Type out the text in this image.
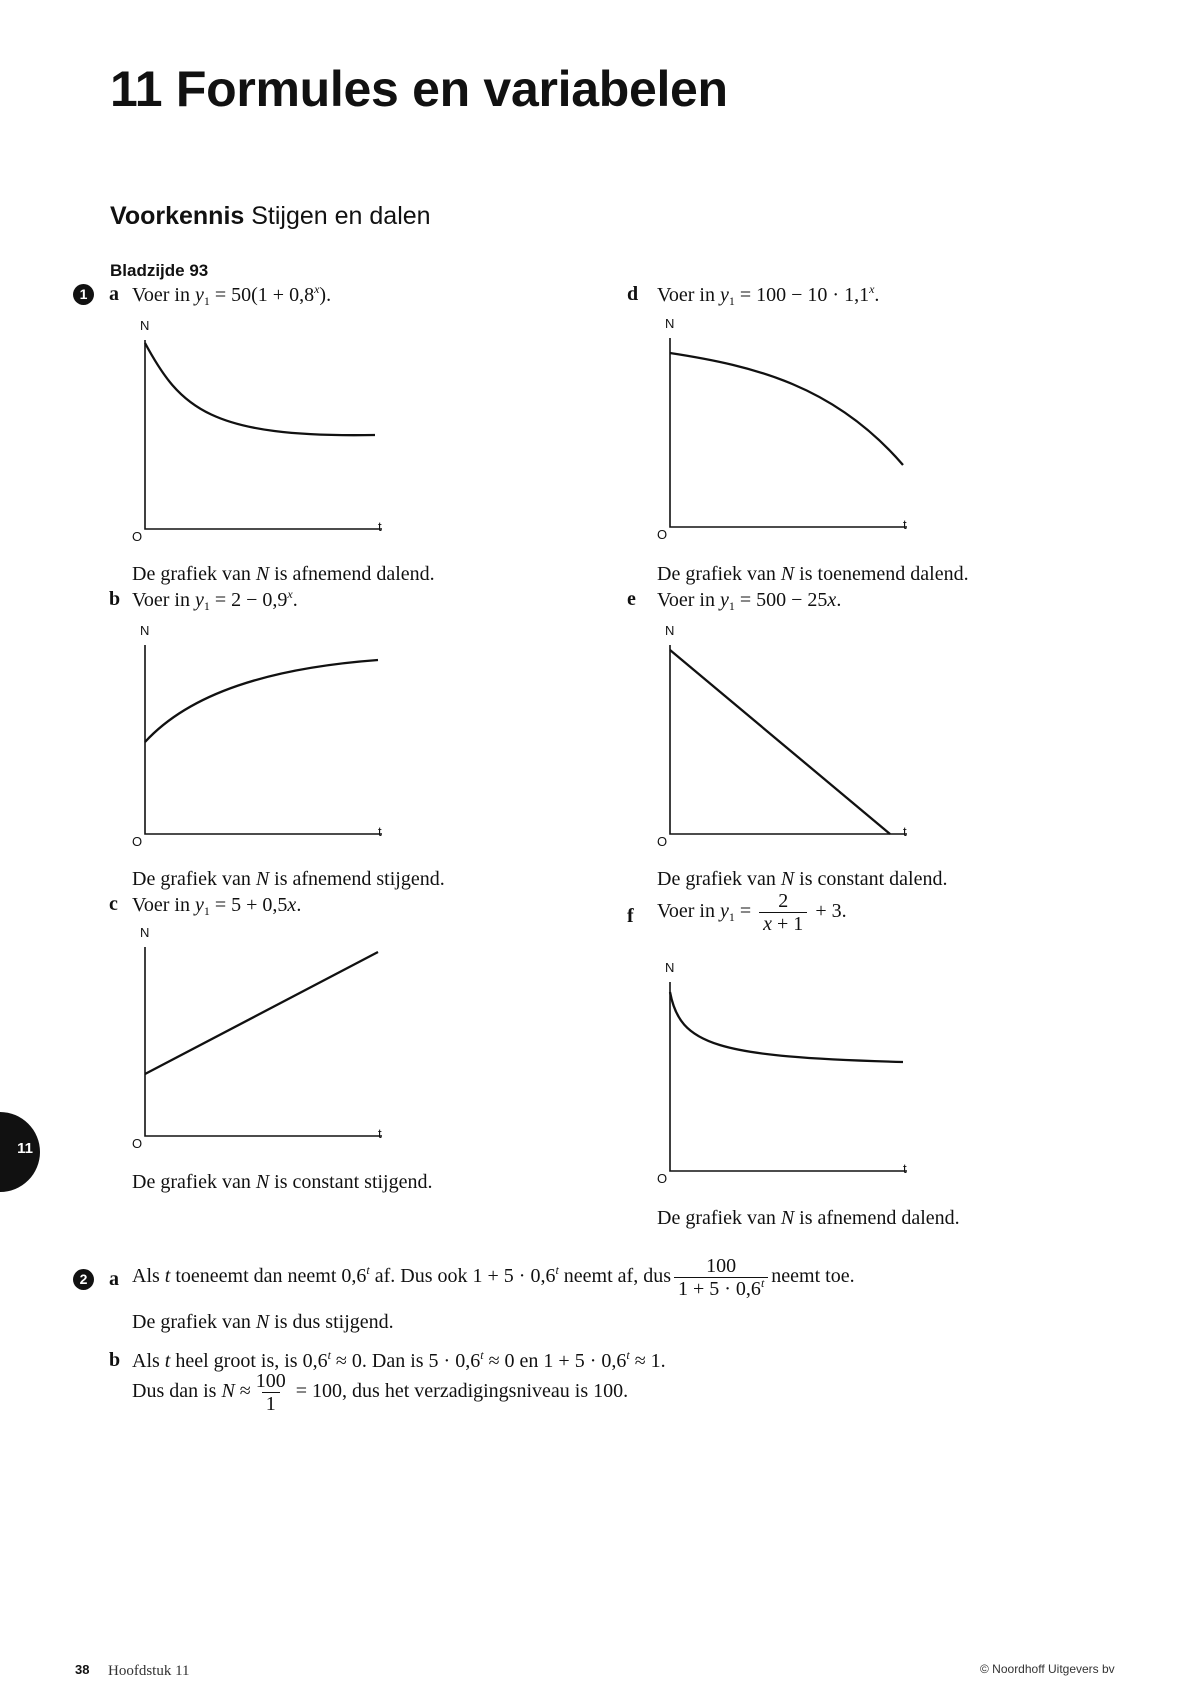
11 Formules en variabelen
Voorkennis Stijgen en dalen
Bladzijde 93
1	a Voer in $y_1 = 50(1 + 0,8^x)$.
N
t
O
De grafiek van N is afnemend dalend.
b Voer in $y_1 = 2 - 0,9^x$.
N
t
O
De grafiek van N is afnemend stijgend.
c Voer in $y_1 = 5 + 0,5x$.
N
t
O
De grafiek van N is constant stijgend.
d Voer in $y_1 = 100 - 10 \cdot 1,1^x$.
N
t
O
De grafiek van N is toenemend dalend.
e Voer in $y_1 = 500 - 25x$.
N
t
O
De grafiek van N is constant dalend.
f Voer in $y_1 = \frac{2}{x + 1} + 3$.
N
t
O
De grafiek van N is afnemend dalend.
2	a Als t toeneemt dan neemt 0,6$^t$ af. Dus ook $1 + 5 \cdot 0,6^t$ neemt af, dus $\frac{100}{1 + 5 \cdot 0,6^t}$ neemt toe.
De grafiek van N is dus stijgend.
b Als t heel groot is, is $0,6^t \approx 0$. Dan is $5 \cdot 0,6^t \approx 0$ en $1 + 5 \cdot 0,6^t \approx 1$.
Dus dan is $N \approx \frac{100}{1} = 100$, dus het verzadigingsniveau is 100.
11
38 Hoofdstuk 11	© Noordhoff Uitgevers bv
